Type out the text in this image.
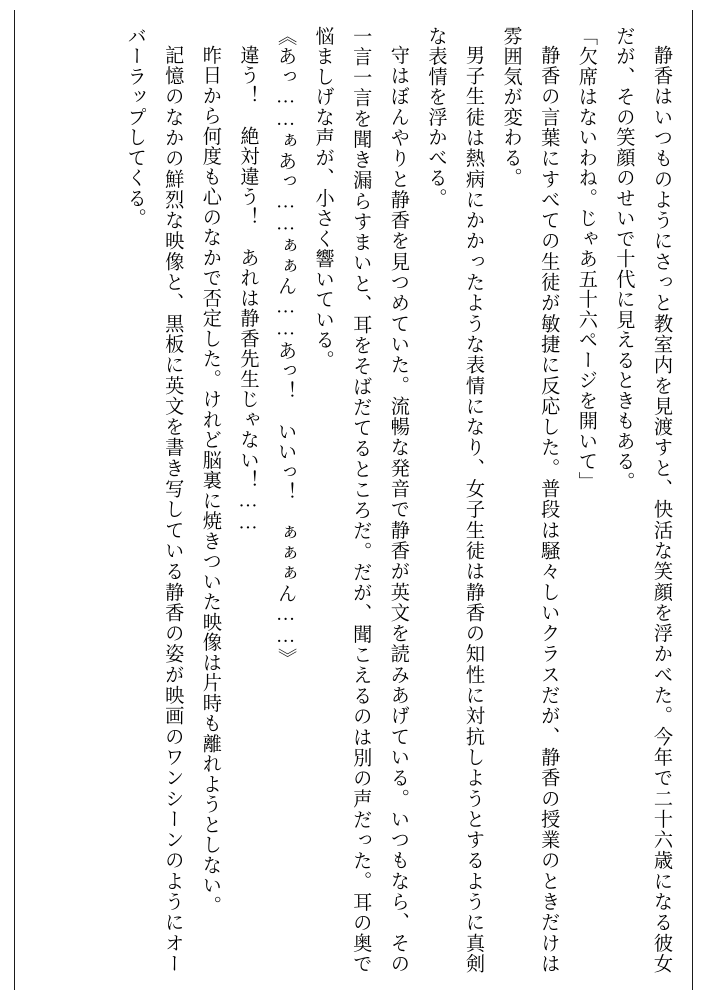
静香はいつものようにさっと教室内を見渡すと、快活な笑顔を浮かべた。今年で二十六歳になる彼女だが、その笑顔のせいで十代に見えるときもある。

「欠席はないわね。じゃあ五十六ページを開いて」

静香の言葉にすべての生徒が敏捷に反応した。普段は騒々しいクラスだが、静香の授業のときだけは雰囲気が変わる。

男子生徒は熱病にかかったような表情になり、女子生徒は静香の知性に対抗しようとするように真剣な表情を浮かべる。

守はぼんやりと静香を見つめていた。流暢な発音で静香が英文を読みあげている。いつもなら、その一言一言を聞き漏らすまいと、耳をそばだてるところだ。だが、聞こえるのは別の声だった。耳の奥で悩ましげな声が、小さく響いている。

《あっ……ぁあっ……ぁぁん……あっ！　いいっ！　ぁぁぁん……》

違う！　絶対違う！　あれは静香先生じゃない！……

昨日から何度も心のなかで否定した。けれど脳裏に焼きついた映像は片時も離れようとしない。

記憶のなかの鮮烈な映像と、黒板に英文を書き写している静香の姿が映画のワンシーンのようにオーバーラップしてくる。
